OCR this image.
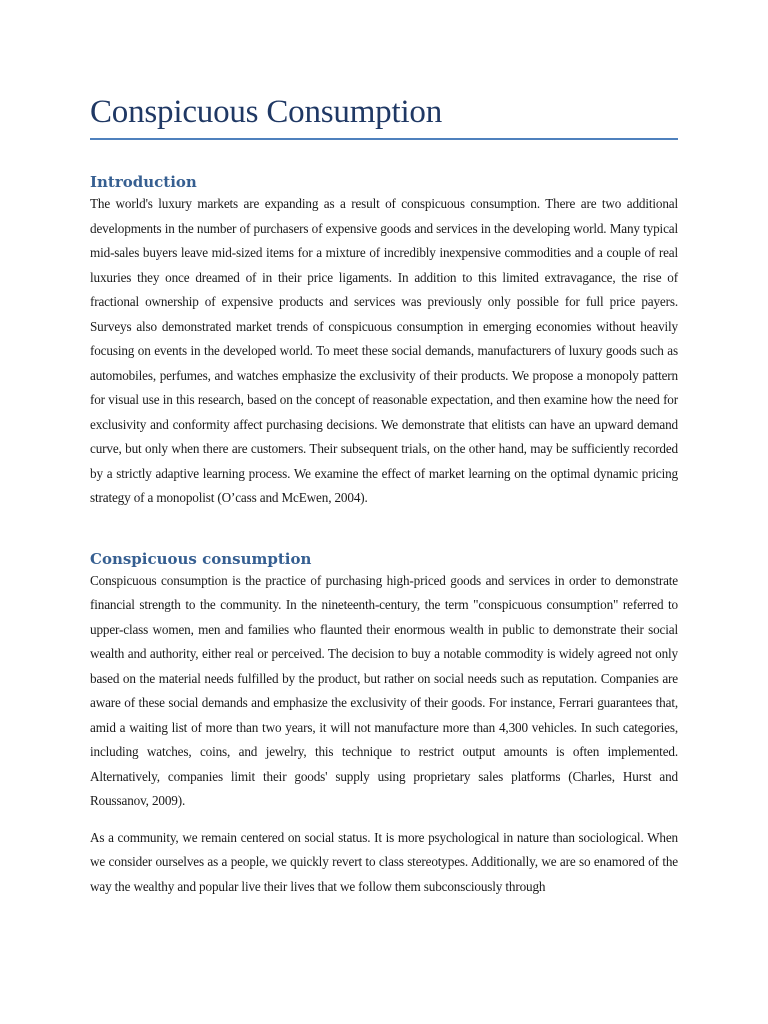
Conspicuous Consumption
Introduction

The world's luxury markets are expanding as a result of conspicuous consumption. There are two additional developments in the number of purchasers of expensive goods and services in the developing world. Many typical mid-sales buyers leave mid-sized items for a mixture of incredibly inexpensive commodities and a couple of real luxuries they once dreamed of in their price ligaments. In addition to this limited extravagance, the rise of fractional ownership of expensive products and services was previously only possible for full price payers. Surveys also demonstrated market trends of conspicuous consumption in emerging economies without heavily focusing on events in the developed world. To meet these social demands, manufacturers of luxury goods such as automobiles, perfumes, and watches emphasize the exclusivity of their products. We propose a monopoly pattern for visual use in this research, based on the concept of reasonable expectation, and then examine how the need for exclusivity and conformity affect purchasing decisions. We demonstrate that elitists can have an upward demand curve, but only when there are customers. Their subsequent trials, on the other hand, may be sufficiently recorded by a strictly adaptive learning process. We examine the effect of market learning on the optimal dynamic pricing strategy of a monopolist (O’cass and McEwen, 2004).

Conspicuous consumption

Conspicuous consumption is the practice of purchasing high-priced goods and services in order to demonstrate financial strength to the community. In the nineteenth-century, the term "conspicuous consumption" referred to upper-class women, men and families who flaunted their enormous wealth in public to demonstrate their social wealth and authority, either real or perceived. The decision to buy a notable commodity is widely agreed not only based on the material needs fulfilled by the product, but rather on social needs such as reputation. Companies are aware of these social demands and emphasize the exclusivity of their goods. For instance, Ferrari guarantees that, amid a waiting list of more than two years, it will not manufacture more than 4,300 vehicles. In such categories, including watches, coins, and jewelry, this technique to restrict output amounts is often implemented. Alternatively, companies limit their goods' supply using proprietary sales platforms (Charles, Hurst and Roussanov, 2009).

As a community, we remain centered on social status. It is more psychological in nature than sociological. When we consider ourselves as a people, we quickly revert to class stereotypes. Additionally, we are so enamored of the way the wealthy and popular live their lives that we follow them subconsciously through
